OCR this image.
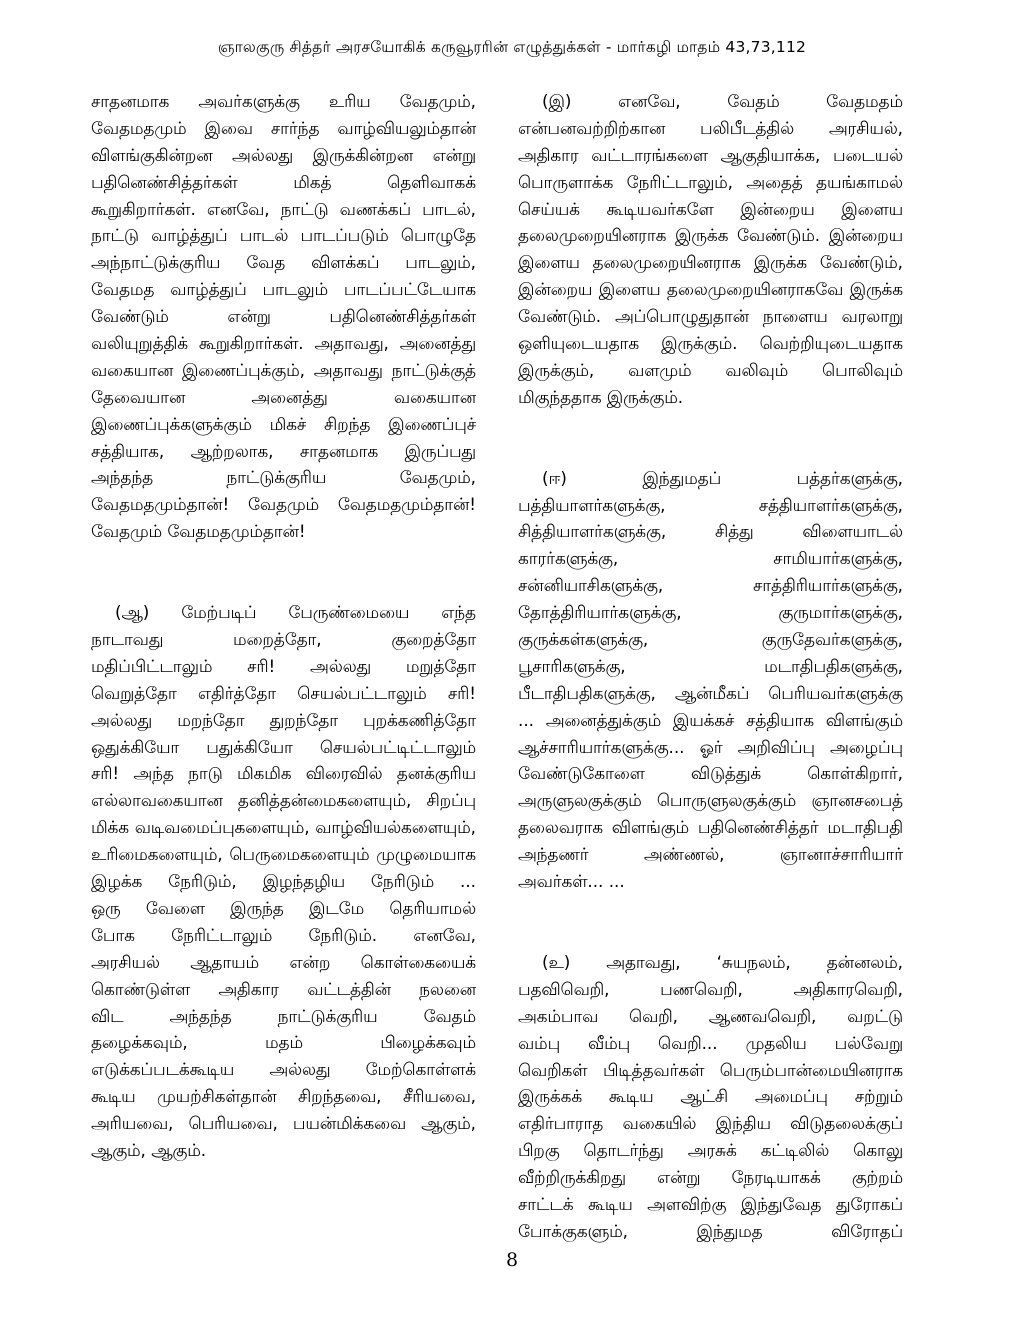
ஞாலகுரு சித்தர் அரசயோகிக் கருவூரரின் எழுத்துக்கள் - மார்கழி மாதம் 43,73,112
சாதனமாக அவர்களுக்கு உரிய வேதமும்,
வேதமதமும் இவை சார்ந்த வாழ்வியலும்தான்
விளங்குகின்றன அல்லது இருக்கின்றன என்று
பதினெண்சித்தர்கள் மிகத் தெளிவாகக்
கூறுகிறார்கள். எனவே, நாட்டு வணக்கப் பாடல்,
நாட்டு வாழ்த்துப் பாடல் பாடப்படும் பொழுதே
அந்நாட்டுக்குரிய வேத விளக்கப் பாடலும்,
வேதமத வாழ்த்துப் பாடலும் பாடப்பட்டேயாக
வேண்டும் என்று பதினெண்சித்தர்கள்
வலியுறுத்திக் கூறுகிறார்கள். அதாவது, அனைத்து
வகையான இணைப்புக்கும், அதாவது நாட்டுக்குத்
தேவையான அனைத்து வகையான
இணைப்புக்களுக்கும் மிகச் சிறந்த இணைப்புச்
சத்தியாக, ஆற்றலாக, சாதனமாக இருப்பது
அந்தந்த நாட்டுக்குரிய வேதமும்,
வேதமதமும்தான்! வேதமும் வேதமதமும்தான்!
வேதமும் வேதமதமும்தான்!
(ஆ) மேற்படிப் பேருண்மையை எந்த
நாடாவது மறைத்தோ, குறைத்தோ
மதிப்பிட்டாலும் சரி! அல்லது மறுத்தோ
வெறுத்தோ எதிர்த்தோ செயல்பட்டாலும் சரி!
அல்லது மறந்தோ துறந்தோ புறக்கணித்தோ
ஒதுக்கியோ பதுக்கியோ செயல்பட்டிட்டாலும்
சரி! அந்த நாடு மிகமிக விரைவில் தனக்குரிய
எல்லாவகையான தனித்தன்மைகளையும், சிறப்பு
மிக்க வடிவமைப்புகளையும், வாழ்வியல்களையும்,
உரிமைகளையும், பெருமைகளையும் முழுமையாக
இழக்க நேரிடும், இழந்தழிய நேரிடும் ...
ஒரு வேளை இருந்த இடமே தெரியாமல்
போக நேரிட்டாலும் நேரிடும். எனவே,
அரசியல் ஆதாயம் என்ற கொள்கையைக்
கொண்டுள்ள அதிகார வட்டத்தின் நலனை
விட அந்தந்த நாட்டுக்குரிய வேதம்
தழைக்கவும், மதம் பிழைக்கவும்
எடுக்கப்படக்கூடிய அல்லது மேற்கொள்ளக்
கூடிய முயற்சிகள்தான் சிறந்தவை, சீரியவை,
அரியவை, பெரியவை, பயன்மிக்கவை ஆகும்,
ஆகும், ஆகும்.
(இ) எனவே, வேதம் வேதமதம்
என்பனவற்றிற்கான பலிபீடத்தில் அரசியல்,
அதிகார வட்டாரங்களை ஆகுதியாக்க, படையல்
பொருளாக்க நேரிட்டாலும், அதைத் தயங்காமல்
செய்யக் கூடியவர்களே இன்றைய இளைய
தலைமுறையினராக இருக்க வேண்டும். இன்றைய
இளைய தலைமுறையினராக இருக்க வேண்டும்,
இன்றைய இளைய தலைமுறையினராகவே இருக்க
வேண்டும். அப்பொழுதுதான் நாளைய வரலாறு
ஒளியுடையதாக இருக்கும். வெற்றியுடையதாக
இருக்கும், வளமும் வலிவும் பொலிவும்
மிகுந்ததாக இருக்கும்.
(ஈ) இந்துமதப் பத்தர்களுக்கு,
பத்தியாளர்களுக்கு, சத்தியாளர்களுக்கு,
சித்தியாளர்களுக்கு, சித்து விளையாடல்
காரர்களுக்கு, சாமியார்களுக்கு,
சன்னியாசிகளுக்கு, சாத்திரியார்களுக்கு,
தோத்திரியார்களுக்கு, குருமார்களுக்கு,
குருக்கள்களுக்கு, குருதேவர்களுக்கு,
பூசாரிகளுக்கு, மடாதிபதிகளுக்கு,
பீடாதிபதிகளுக்கு, ஆன்மீகப் பெரியவர்களுக்கு
... அனைத்துக்கும் இயக்கச் சத்தியாக விளங்கும்
ஆச்சாரியார்களுக்கு... ஓர் அறிவிப்பு அழைப்பு
வேண்டுகோளை விடுத்துக் கொள்கிறார்,
அருளுலகுக்கும் பொருளுலகுக்கும் ஞானசபைத்
தலைவராக விளங்கும் பதினெண்சித்தர் மடாதிபதி
அந்தணர் அண்ணல், ஞானாச்சாரியார்
அவர்கள்... ...
(உ) அதாவது, ‘சுயநலம், தன்னலம்,
பதவிவெறி, பணவெறி, அதிகாரவெறி,
அகம்பாவ வெறி, ஆணவவெறி, வறட்டு
வம்பு வீம்பு வெறி... முதலிய பல்வேறு
வெறிகள் பிடித்தவர்கள் பெரும்பான்மையினராக
இருக்கக் கூடிய ஆட்சி அமைப்பு சற்றும்
எதிர்பாராத வகையில் இந்திய விடுதலைக்குப்
பிறகு தொடர்ந்து அரசுக் கட்டிலில் கொலு
வீற்றிருக்கிறது என்று நேரடியாகக் குற்றம்
சாட்டக் கூடிய அளவிற்கு இந்துவேத துரோகப்
போக்குகளும், இந்துமத விரோதப்
8
